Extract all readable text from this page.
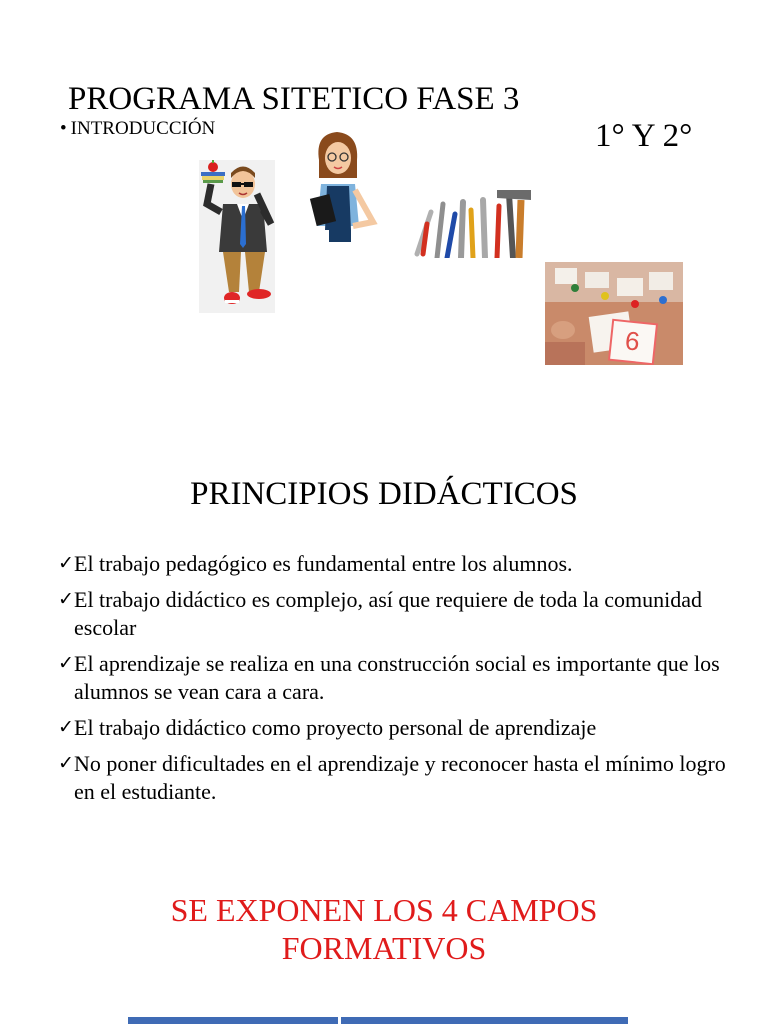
PROGRAMA SITETICO FASE 3

1° Y 2°

• INTRODUCCIÓN
6
PRINCIPIOS DIDÁCTICOS
✓ El trabajo pedagógico es fundamental entre los alumnos.
✓ El trabajo didáctico es complejo, así que requiere de toda la comunidad escolar
✓ El aprendizaje se realiza en una construcción social es importante que los alumnos se vean cara a cara.
✓ El trabajo didáctico como proyecto personal de aprendizaje
✓ No poner dificultades en el aprendizaje y reconocer hasta el mínimo logro en el estudiante.
SE EXPONEN LOS 4 CAMPOS
FORMATIVOS
